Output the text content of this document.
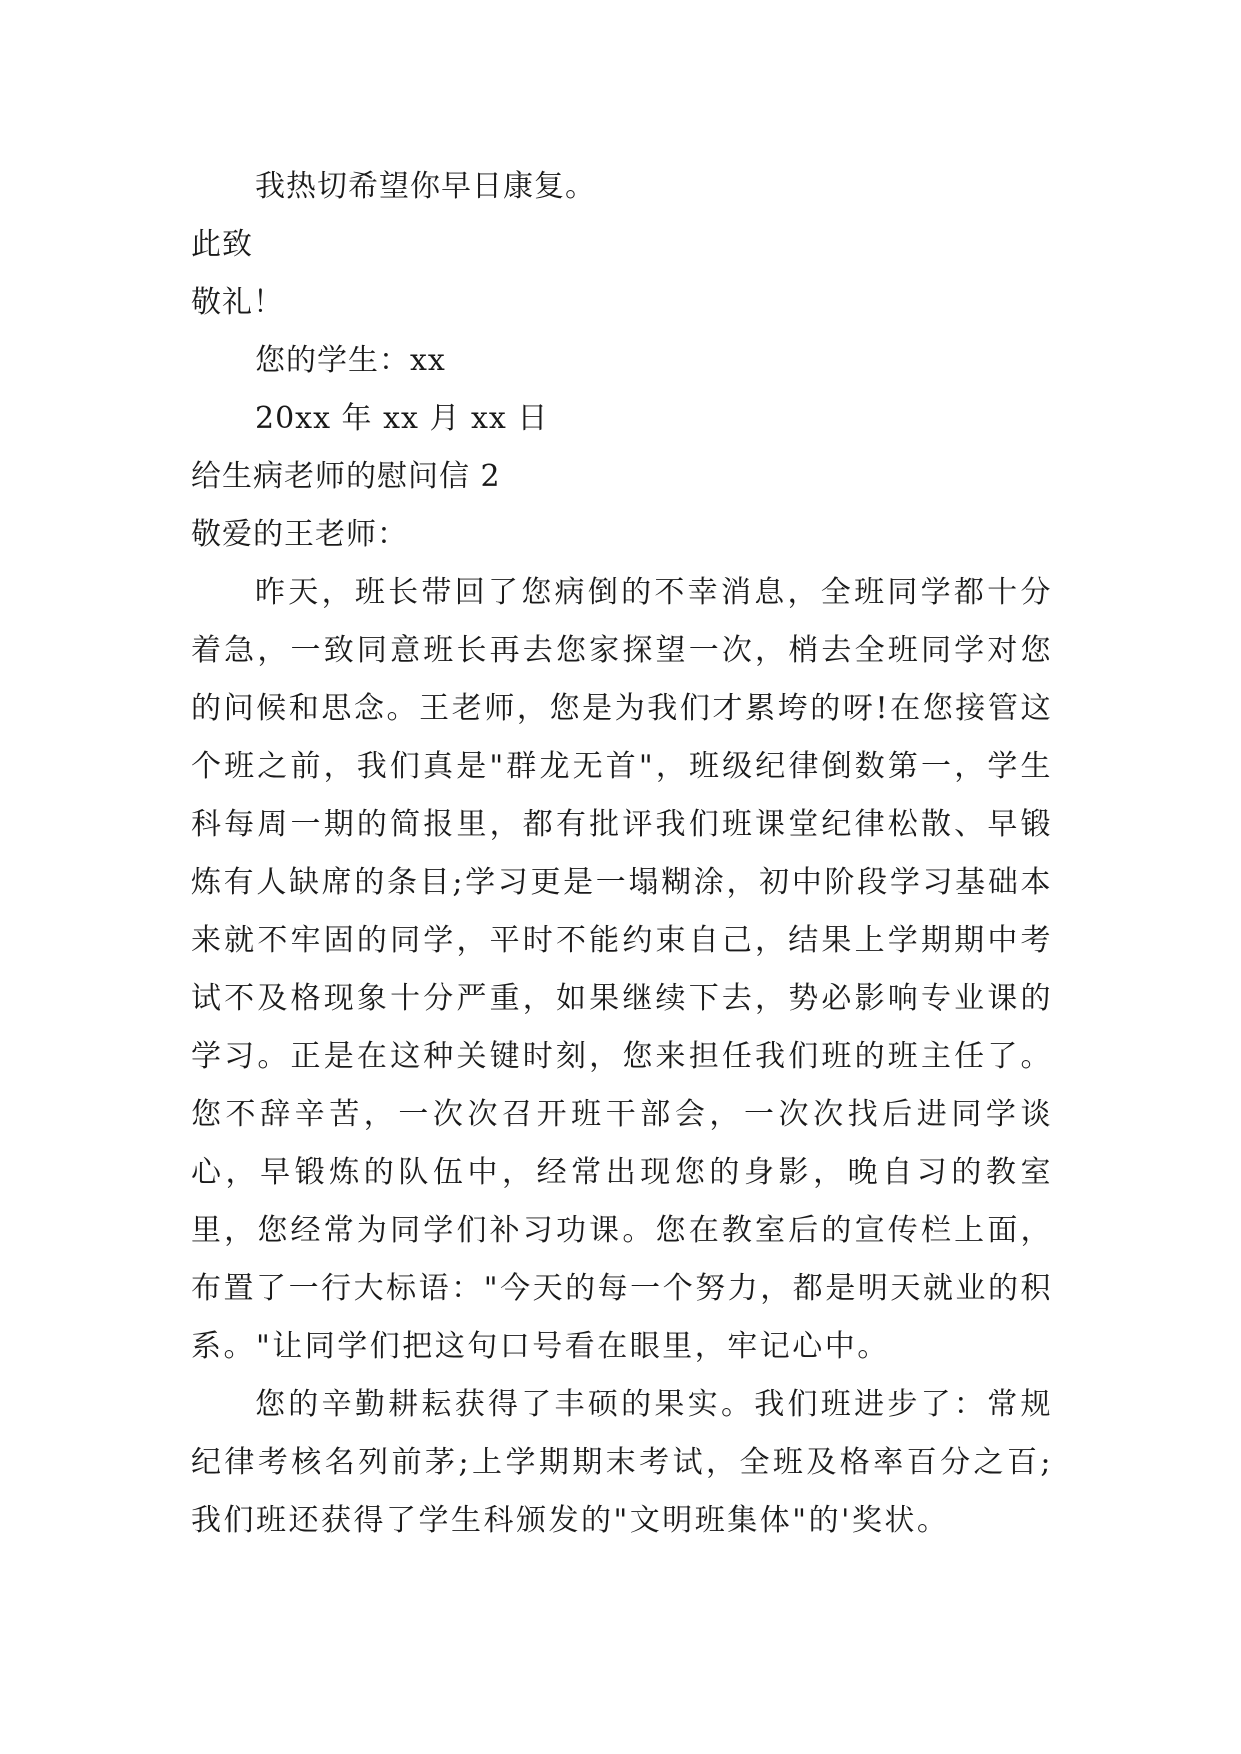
我热切希望你早日康复。

此致

敬礼！

您的学生：xx

20xx 年 xx 月 xx 日

给生病老师的慰问信 2

敬爱的王老师：

昨天，班长带回了您病倒的不幸消息，全班同学都十分着急，一致同意班长再去您家探望一次，梢去全班同学对您的问候和思念。王老师，您是为我们才累垮的呀!在您接管这个班之前，我们真是"群龙无首"，班级纪律倒数第一，学生科每周一期的简报里，都有批评我们班课堂纪律松散、早锻炼有人缺席的条目;学习更是一塌糊涂，初中阶段学习基础本来就不牢固的同学，平时不能约束自己，结果上学期期中考试不及格现象十分严重，如果继续下去，势必影响专业课的学习。正是在这种关键时刻，您来担任我们班的班主任了。您不辞辛苦，一次次召开班干部会，一次次找后进同学谈心，早锻炼的队伍中，经常出现您的身影，晚自习的教室里，您经常为同学们补习功课。您在教室后的宣传栏上面，布置了一行大标语："今天的每一个努力，都是明天就业的积系。"让同学们把这句口号看在眼里，牢记心中。

您的辛勤耕耘获得了丰硕的果实。我们班进步了：常规纪律考核名列前茅;上学期期末考试，全班及格率百分之百;我们班还获得了学生科颁发的"文明班集体"的'奖状。
